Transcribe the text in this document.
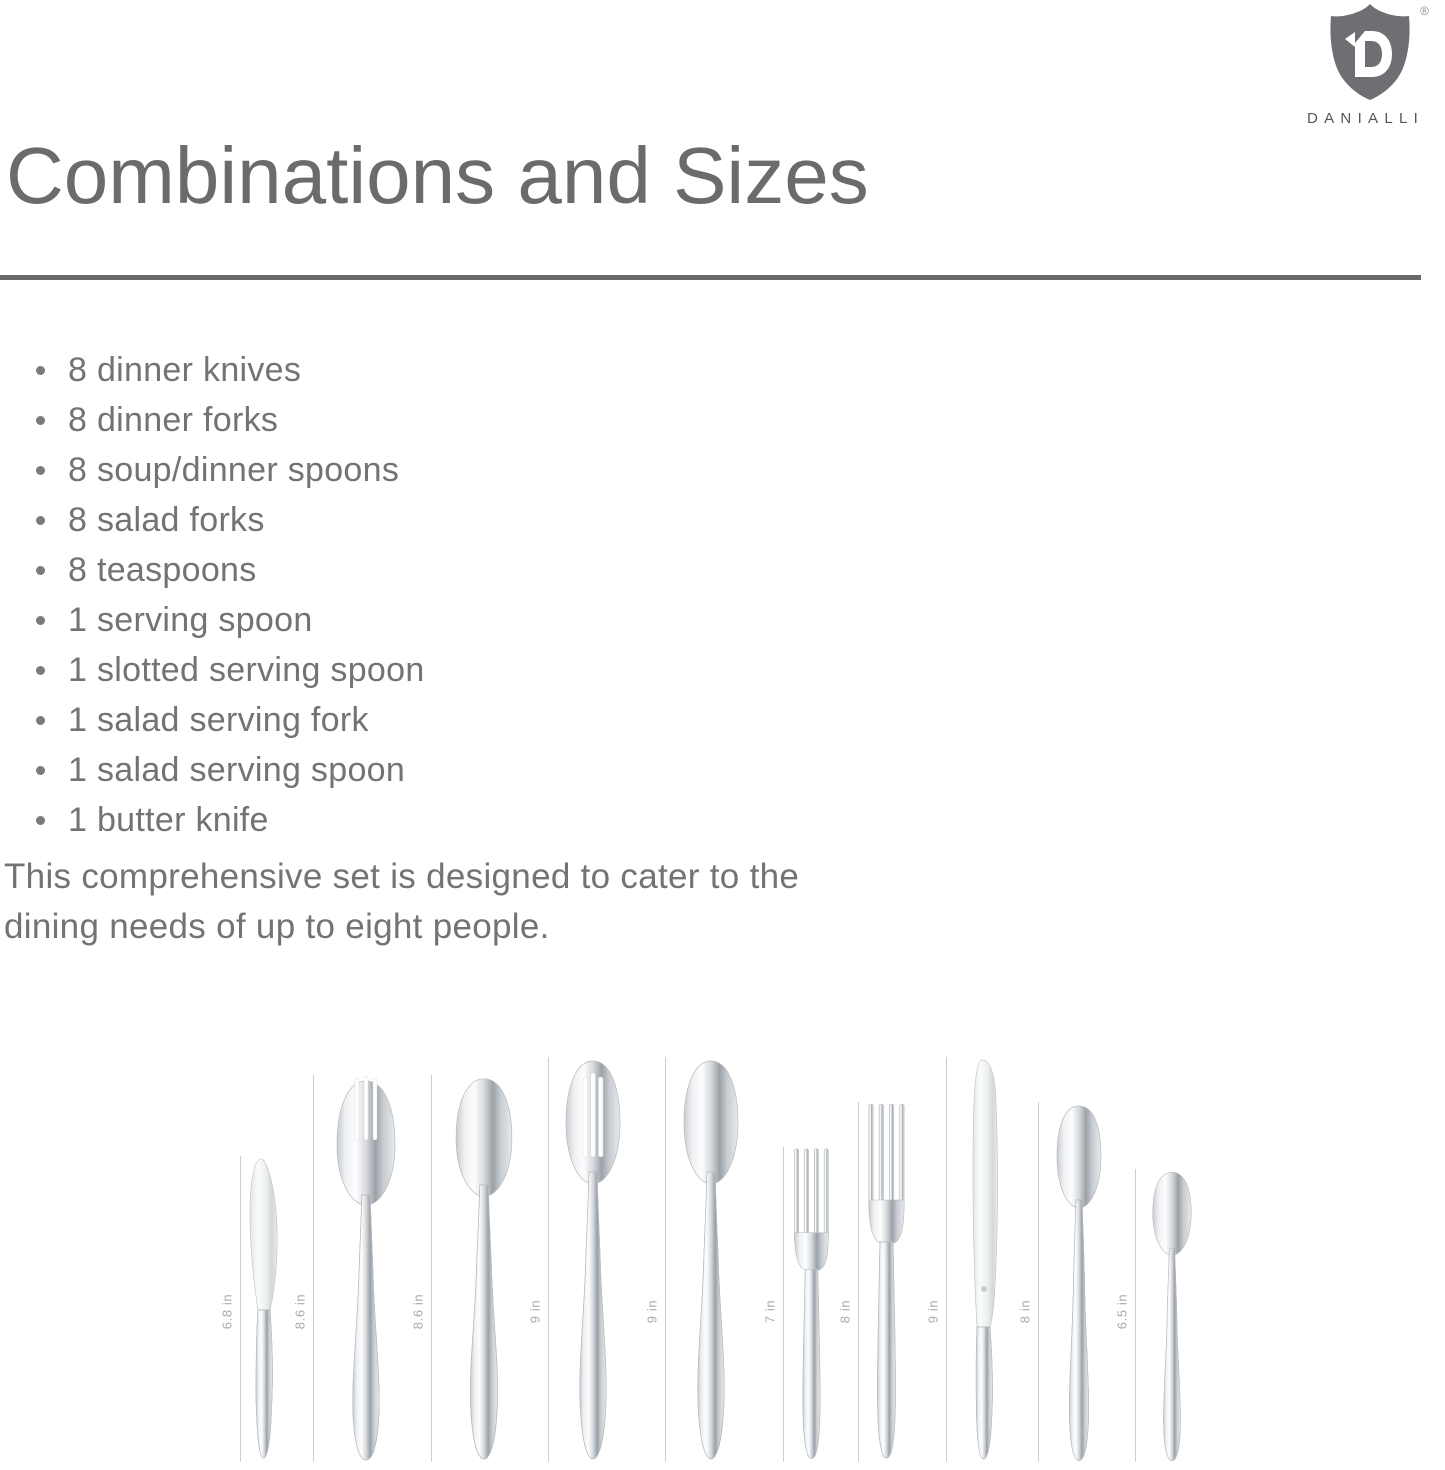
®
DANIALLI
Combinations and Sizes
8 dinner knives
8 dinner forks
8 soup/dinner spoons
8 salad forks
8 teaspoons
1 serving spoon
1 slotted serving spoon
1 salad serving fork
1 salad serving spoon
1 butter knife

This comprehensive set is designed to cater to the
dining needs of up to eight people.

6.8 in	8.6 in	8.6 in	9 in	9 in	7 in	8 in	9 in	8 in	6.5 in
